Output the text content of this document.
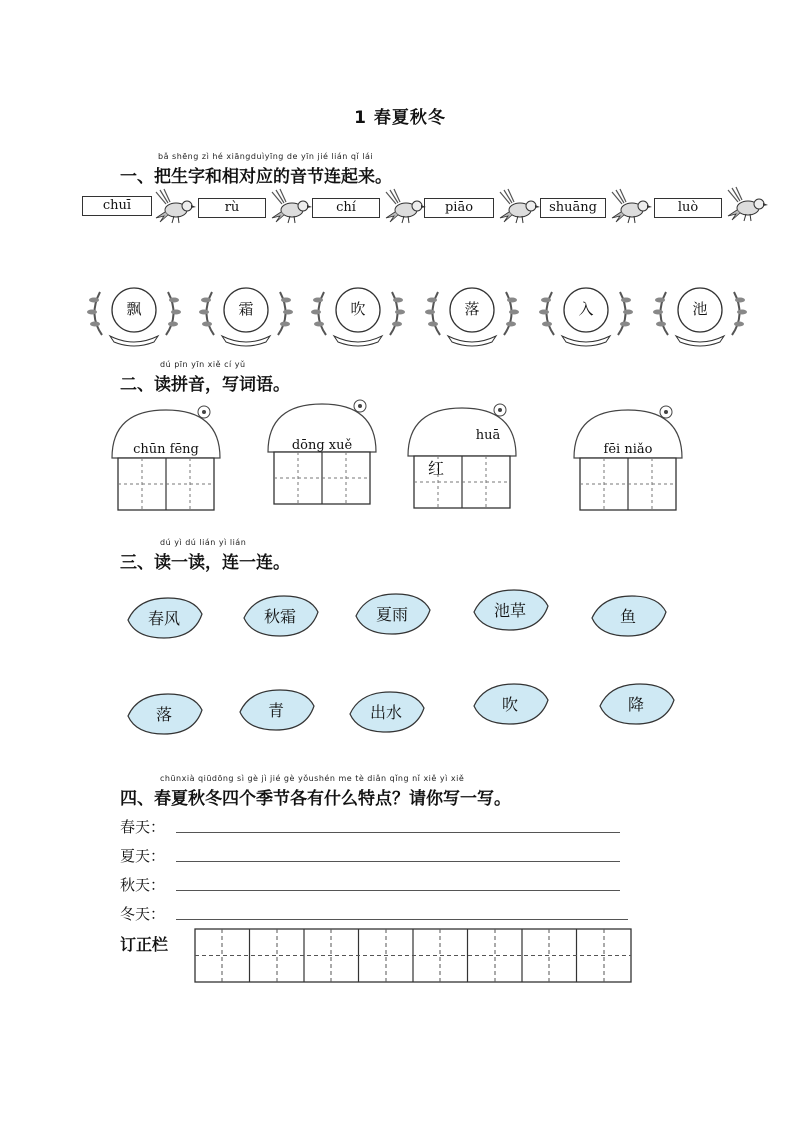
1 春夏秋冬
bǎ shēng zì hé xiāngduìyīng de yīn jié lián qǐ lái
一、把生字和相对应的音节连起来。
chuī	rù	chí	piāo	shuāng	luò
飘	霜	吹	落	入	池
dú pīn yīn xiě cí yǔ
二、读拼音，写词语。
chūn fēng	dōng xuě
huā
红
fēi niǎo
dú yì dú lián yì lián
三、读一读，连一连。
春风	秋霜	夏雨	池草	鱼
落	青	出水	吹	降
chūnxià qiūdōng sì gè jì jié gè yǒushén me tè diǎn qǐng nǐ xiě yì xiě
四、春夏秋冬四个季节各有什么特点？请你写一写。
春天：
夏天：
秋天：
冬天：
订正栏
